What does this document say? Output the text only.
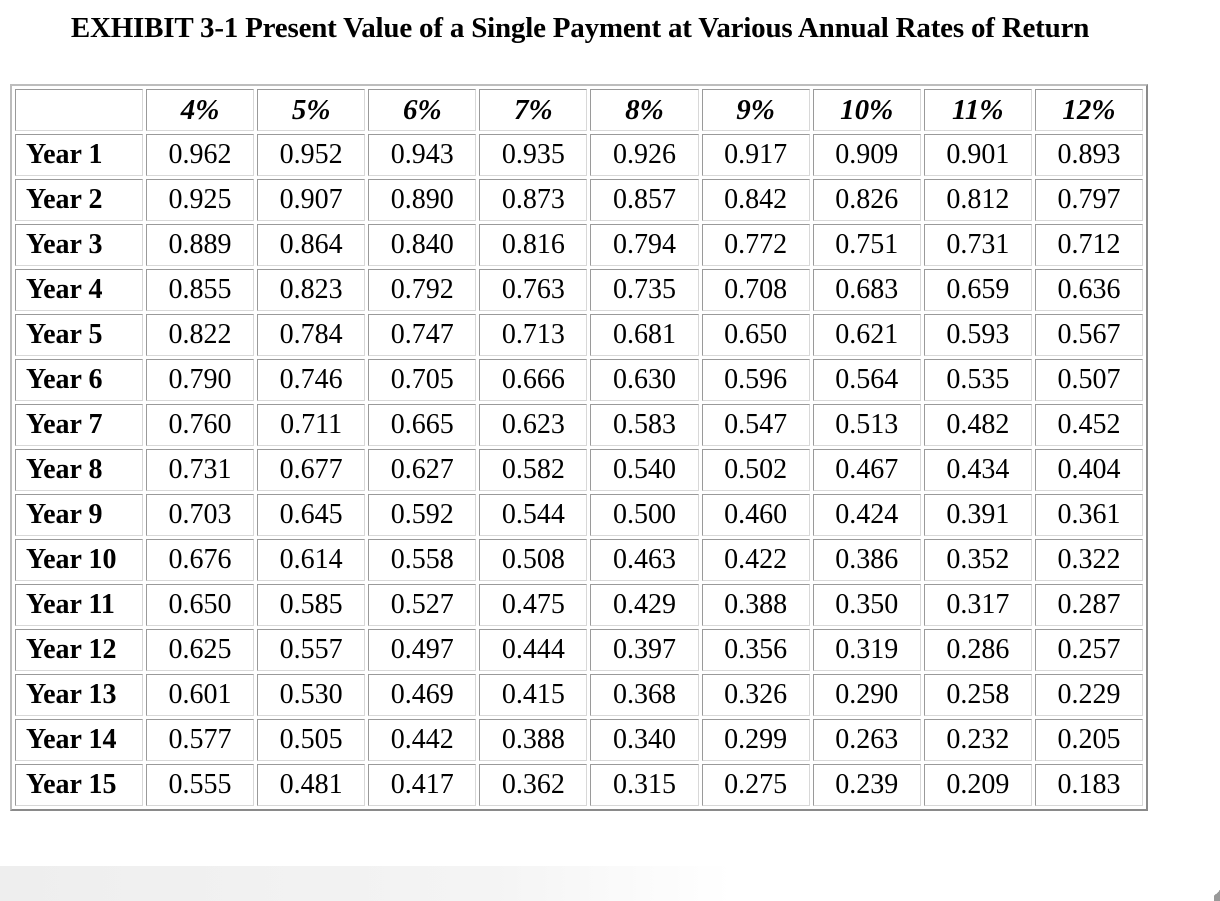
EXHIBIT 3-1 Present Value of a Single Payment at Various Annual Rates of Return
	4%	5%	6%	7%	8%	9%	10%	11%	12%
Year 1	0.962	0.952	0.943	0.935	0.926	0.917	0.909	0.901	0.893
Year 2	0.925	0.907	0.890	0.873	0.857	0.842	0.826	0.812	0.797
Year 3	0.889	0.864	0.840	0.816	0.794	0.772	0.751	0.731	0.712
Year 4	0.855	0.823	0.792	0.763	0.735	0.708	0.683	0.659	0.636
Year 5	0.822	0.784	0.747	0.713	0.681	0.650	0.621	0.593	0.567
Year 6	0.790	0.746	0.705	0.666	0.630	0.596	0.564	0.535	0.507
Year 7	0.760	0.711	0.665	0.623	0.583	0.547	0.513	0.482	0.452
Year 8	0.731	0.677	0.627	0.582	0.540	0.502	0.467	0.434	0.404
Year 9	0.703	0.645	0.592	0.544	0.500	0.460	0.424	0.391	0.361
Year 10	0.676	0.614	0.558	0.508	0.463	0.422	0.386	0.352	0.322
Year 11	0.650	0.585	0.527	0.475	0.429	0.388	0.350	0.317	0.287
Year 12	0.625	0.557	0.497	0.444	0.397	0.356	0.319	0.286	0.257
Year 13	0.601	0.530	0.469	0.415	0.368	0.326	0.290	0.258	0.229
Year 14	0.577	0.505	0.442	0.388	0.340	0.299	0.263	0.232	0.205
Year 15	0.555	0.481	0.417	0.362	0.315	0.275	0.239	0.209	0.183
